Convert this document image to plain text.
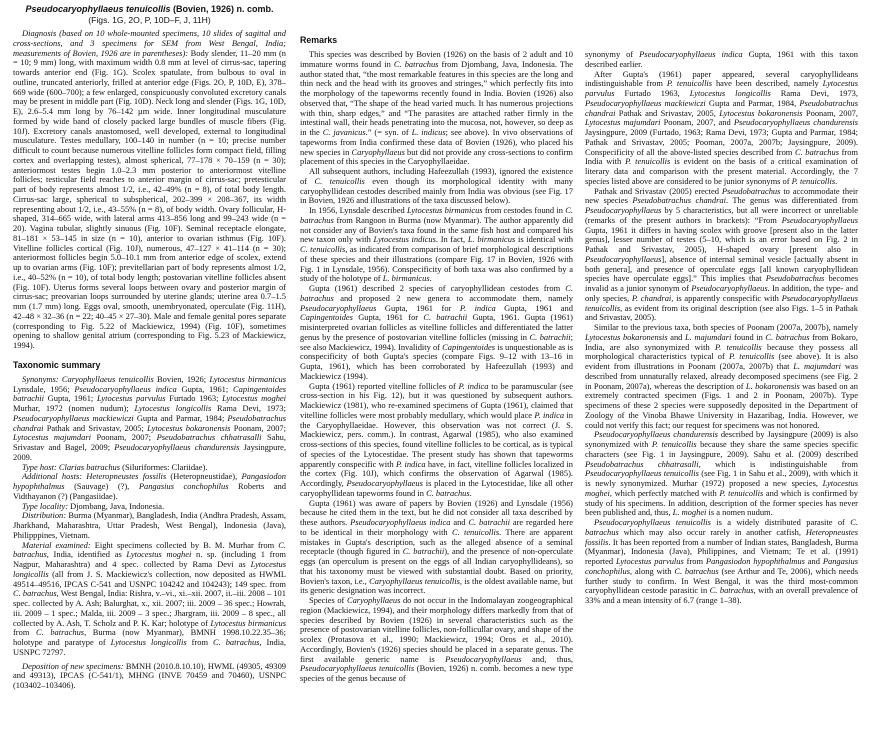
Pseudocaryophyllaeus tenuicollis (Bovien, 1926) n. comb.
(Figs. 1G, 2O, P, 10D–F, J, 11H)

Diagnosis (based on 10 whole-mounted specimens, 10 slides of sagittal and cross-sections, and 3 specimens for SEM from West Bengal, India; measurements of Bovien, 1926 are in parentheses): Body slender, 11–20 mm (n = 10; 9 mm) long, with maximum width 0.8 mm at level of cirrus-sac, tapering towards anterior end (Fig. 1G). Scolex spatulate, from bulbous to oval in outline, truncated anteriorly, frilled at anterior edge (Figs. 2O, P, 10D, E), 378–669 wide (600–700); a few enlarged, conspicuously convoluted excretory canals may be present in middle part (Fig. 10D). Neck long and slender (Figs. 1G, 10D, E), 2.6–5.4 mm long by 76–142 µm wide. Inner longitudinal musculature formed by wide band of closely packed large bundles of muscle fibers (Fig. 10J). Excretory canals anastomosed, well developed, external to longitudinal musculature. Testes medullary, 100–140 in number (n = 10; precise number difficult to count because numerous vitelline follicles form compact field, filling cortex and overlapping testes), almost spherical, 77–178 × 70–159 (n = 30); anteriormost testes begin 1.0–2.3 mm posterior to anteriormost vitelline follicles; testicular field reaches to anterior margin of cirrus-sac; pretesticular part of body represents almost 1/2, i.e., 42–49% (n = 8), of total body length. Cirrus-sac large, spherical to subspherical, 202–399 × 208–367, its width representing about 1/2, i.e., 43–55% (n = 8), of body width. Ovary follicular, H-shaped, 314–665 wide, with lateral arms 413–856 long and 99–243 wide (n = 20). Vagina tubular, slightly sinuous (Fig. 10F). Seminal receptacle elongate, 81–181 × 53–145 in size (n = 10), anterior to ovarian isthmus (Fig. 10F). Vitelline follicles cortical (Fig. 10J), numerous, 47–127 × 41–114 (n = 30); anteriormost follicles begin 5.0–10.1 mm from anterior edge of scolex, extend up to ovarian arms (Fig. 10F); previtellarian part of body represents almost 1/2, i.e., 40–52% (n = 10), of total body length; postovarian vitelline follicles absent (Fig. 10F). Uterus forms several loops between ovary and posterior margin of cirrus-sac; preovarian loops surrounded by uterine glands; uterine area 0.7–1.5 mm (1.7 mm) long. Eggs oval, smooth, unembryonated, operculate (Fig. 11H), 42–48 × 32–36 (n = 22; 40–45 × 27–30). Male and female genital pores separate (corresponding to Fig. 5.22 of Mackiewicz, 1994) (Fig. 10F), sometimes opening to shallow genital atrium (corresponding to Fig. 5.23 of Mackiewicz, 1994).

Taxonomic summary

Synonyms: Caryophyllaeus tenuicollis Bovien, 1926; Lytocestus birmanicus Lynsdale, 1956; Pseudocaryophyllaeus indica Gupta, 1961; Capingentoides batrachii Gupta, 1961; Lytocestus parvulus Furtado 1963; Lytocestus moghei Murhar, 1972 (nomen nudum); Lytocestus longicollis Rama Devi, 1973; Pseudocaryophyllaeus mackiewiczi Gupta and Parmar, 1984; Pseudobatrachus chandrai Pathak and Srivastav, 2005; Lytocestus bokaronensis Poonam, 2007; Lytocestus majumdari Poonam, 2007; Pseudobatrachus chhatrasalli Sahu, Srivastav and Bagel, 2009; Pseudocaryophyllaeus chandurensis Jaysingpure, 2009.

Type host: Clarias batrachus (Siluriformes: Clariidae).

Additional hosts: Heteropneustes fossilis (Heteropneustidae), Pangasiodon hypophthalmus (Sauvage) (?), Pangasius conchophilus Roberts and Vidthayanon (?) (Pangasiidae).

Type locality: Djombang, Java, Indonesia.

Distribution: Burma (Myanmar), Bangladesh, India (Andhra Pradesh, Assam, Jharkhand, Maharashtra, Uttar Pradesh, West Bengal), Indonesia (Java), Philipppines, Vietnam.

Material examined: Eight specimens collected by B. M. Murhar from C. batrachus, India, identified as Lytocestus moghei n. sp. (including 1 from Nagpur, Maharashtra) and 4 spec. collected by Rama Devi as Lytocestus longicollis (all from J. S. Mackiewicz's collection, now deposited as HWML 49514–49516, IPCAS C-541 and USNPC 104242 and 104243); 149 spec. from C. batrachus, West Bengal, India: Rishra, v.–vi., xi.–xii. 2007, ii.–iii. 2008 – 101 spec. collected by A. Ash; Balurghat, x., xii. 2007; iii. 2009 – 36 spec.; Howrah, iii. 2009 – 1 spec.; Malda, iii. 2009 – 3 spec.; Jhargram, iii. 2009 – 8 spec., all collected by A. Ash, T. Scholz and P. K. Kar; holotype of Lytocestus birmanicus from C. batrachus, Burma (now Myanmar), BMNH 1998.10.22.35–36; holotype and paratype of Lytocestus longicollis from C. batrachus, India, USNPC 72797.

Deposition of new specimens: BMNH (2010.8.10.10), HWML (49305, 49309 and 49313), IPCAS (C-541/1), MHNG (INVE 70459 and 70460), USNPC (103402–103406).

Remarks

This species was described by Bovien (1926) on the basis of 2 adult and 10 immature worms found in C. batrachus from Djombang, Java, Indonesia. The author stated that, “the most remarkable features in this species are the long and thin neck and the head with its grooves and stringes,” which perfectly fits into the morphology of the tapeworms recently found in India. Bovien (1926) also observed that, “The shape of the head varied much. It has numerous projections with thin, sharp edges,” and “The parasites are attached rather firmly in the intestinal wall, their heads penetrating into the mucosa, not, however, so deep as in the C. javanicus.” (= syn. of L. indicus; see above). In vivo observations of tapeworms from India confirmed these data of Bovien (1926), who placed his new species in Caryophyllaeus but did not provide any cross-sections to confirm placement of this species in the Caryophyllaeidae.

All subsequent authors, including Hafeezullah (1993), ignored the existence of C. tenuicollis even though its morphological identity with many caryophyllidean cestodes described mainly from India was obvious (see Fig. 17 in Bovien, 1926 and illustrations of the taxa discussed below).

In 1956, Lynsdale described Lytocestus birmanicus from cestodes found in C. batrachus from Rangoon in Burma (now Myanmar). The author apparently did not consider any of Bovien's taxa found in the same fish host and compared his new taxon only with Lytocestus indicus. In fact, L. birmanicus is identical with C. tenuicollis, as indicated from comparison of brief morphological descriptions of these species and their illustrations (compare Fig. 17 in Bovien, 1926 with Fig. 1 in Lynsdale, 1956). Conspecificity of both taxa was also confirmed by a study of the holotype of L. birmanicus.

Gupta (1961) described 2 species of caryophyllidean cestodes from C. batrachus and proposed 2 new genera to accommodate them, namely Pseudocaryophyllaeus Gupta, 1961 for P. indica Gupta, 1961 and Capingentoides Gupta, 1961 for C. batrachii Gupta, 1961. Gupta (1961) misinterpreted ovarian follicles as vitelline follicles and differentiated the latter genus by the presence of postovarian vitelline follicles (missing in C. batrachii; see also Mackiewicz, 1994). Invalidity of Capingentoides is unquestionable as is conspecificity of both Gupta's species (compare Figs. 9–12 with 13–16 in Gupta, 1961), which has been corroborated by Hafeezullah (1993) and Mackiewicz (1994).

Gupta (1961) reported vitelline follicles of P. indica to be paramuscular (see cross-section in his Fig. 12), but it was questioned by subsequent authors. Mackiewicz (1981), who re-examined specimens of Gupta (1961), claimed that vitelline follicles were most probably medullary, which would place P. indica in the Caryophyllaeidae. However, this observation was not correct (J. S. Mackiewicz, pers. comm.). In contrast, Agarwal (1985), who also examined cross-sections of this species, found vitelline follicles to be cortical, as is typical of species of the Lytocestidae. The present study has shown that tapeworms apparently conspecific with P. indica have, in fact, vitelline follicles localized in the cortex (Fig. 10J), which confirms the observation of Agarwal (1985). Accordingly, Pseudocaryophyllaeus is placed in the Lytocestidae, like all other caryophyllidean tapeworms found in C. batrachus.

Gupta (1961) was aware of papers by Bovien (1926) and Lynsdale (1956) because he cited them in the text, but he did not consider all taxa described by these authors. Pseudocaryophyllaeus indica and C. batrachii are regarded here to be identical in their morphology with C. tenuicollis. There are apparent mistakes in Gupta's description, such as the alleged absence of a seminal receptacle (though figured in C. batrachii), and the presence of non-operculate eggs (an operculum is present on the eggs of all Indian caryophyllideans), so that his taxonomy must be viewed with substantial doubt. Based on priority, Bovien's taxon, i.e., Caryophyllaeus tenuicollis, is the oldest available name, but its generic designation was incorrect.

Species of Caryophyllaeus do not occur in the Indomalayan zoogeographical region (Mackiewicz, 1994), and their morphology differs markedly from that of species described by Bovien (1926) in several characteristics such as the presence of postovarian vitelline follicles, non-follicullar ovary, and shape of the scolex (Protasova et al., 1990; Mackiewicz, 1994; Oros et al., 2010). Accordingly, Bovien's (1926) species should be placed in a separate genus. The first available generic name is Pseudocaryophyllaeus and, thus, Pseudocaryophyllaeus tenuicollis (Bovien, 1926) n. comb. becomes a new type species of the genus because of

synonymy of Pseudocaryophyllaeus indica Gupta, 1961 with this taxon described earlier.

After Gupta's (1961) paper appeared, several caryophyllideans indistinguishable from P. tenuicollis have been described, namely Lytocestus parvulus Furtado 1963, Lytocestus longicollis Rama Devi, 1973, Pseudocaryophyllaeus mackiewiczi Gupta and Parmar, 1984, Pseudobatrachus chandrai Pathak and Srivastav, 2005, Lytocestus bokaronensis Poonam, 2007, Lytocestus majumdari Poonam, 2007, and Pseudocaryophyllaeus chandurensis Jaysingpure, 2009 (Furtado, 1963; Rama Devi, 1973; Gupta and Parmar, 1984; Pathak and Srivastav, 2005; Pooman, 2007a, 2007b; Jaysingpure, 2009). Conspecificity of all the above-listed species described from C. batrachus from India with P. tenuicollis is evident on the basis of a critical examination of literary data and comparison with the present material. Accordingly, the 7 species listed above are considered to be junior synonyms of P. tenuicollis.

Pathak and Srivastav (2005) erected Pseudobatrachus to accommodate their new species Pseudobatrachus chandrai. The genus was differentiated from Pseudocaryophyllaeus by 5 characteristics, but all were incorrect or unreliable (remarks of the present authors in brackets): “From Pseudocaryophyllaeus Gupta, 1961 it differs in having scolex with groove [present also in the latter genus], lesser number of testes (5–10, which is an error based on Fig. 2 in Pathak and Srivastav, 2005), H-shaped ovary [present also in Pseudocaryophyllaeus], absence of internal seminal vesicle [actually absent in both genera], and presence of operculate eggs [all known caryophyllidean species have operculate eggs].” This implies that Pseudobatrachus becomes invalid as a junior synonym of Pseudocaryophyllaeus. In addition, the type- and only species, P. chandrai, is apparently conspecific with Pseudocaryophyllaeus tenuicollis, as evident from its original description (see also Figs. 1–5 in Pathak and Srivastav, 2005).

Similar to the previous taxa, both species of Poonam (2007a, 2007b), namely Lytocestus bokaronensis and L. majumdari found in C. batrachus from Bokaro, India, are also synonymized with P. tenuicollis because they possess all morphological characteristics typical of P. tenuicollis (see above). It is also evident from illustrations in Poonam (2007a, 2007b) that L. majumdari was described from unnaturally relaxed, already decomposed specimens (see Fig. 2 in Poonam, 2007a), whereas the description of L. bokaronensis was based on an extremely contracted specimen (Figs. 1 and 2 in Poonam, 2007b). Type specimens of these 2 species were supposedly deposited in the Department of Zoology of the Vinoba Bhawe University in Hazaribag, India. However, we could not verify this fact; our request for specimens was not honored.

Pseudocaryophyllaeus chandurensis described by Jaysingpure (2009) is also synonymized with P. tenuicollis because they share the same species specific characters (see Fig. 1 in Jaysingpure, 2009). Sahu et al. (2009) described Pseudobatrachus chhatrasalli, which is indistinguishable from Pseudocaryophyllaeus tenuicollis (see Fig. 1 in Sahu et al., 2009), with which it is newly synonymized. Murhar (1972) proposed a new species, Lytocestus moghei, which perfectly matched with P. tenuicollis and which is confirmed by study of his specimens. In addition, description of the former species has never been published and, thus, L. moghei is a nomen nudum.

Pseudocaryophyllaeus tenuicollis is a widely distributed parasite of C. batrachus which may also occur rarely in another catfish, Heteropneustes fossilis. It has been reported from a number of Indian states, Bangladesh, Burma (Myanmar), Indonesia (Java), Philippines, and Vietnam; Te et al. (1991) reported Lytocestus parvulus from Pangasiodon hypophthalmus and Pangasius conchophilus, along with C. batrachus (see Arthur and Te, 2006), which needs further study to confirm. In West Bengal, it was the third most-common caryophyllidean cestode parasitic in C. batrachus, with an overall prevalence of 33% and a mean intensity of 6.7 (range 1–38).
